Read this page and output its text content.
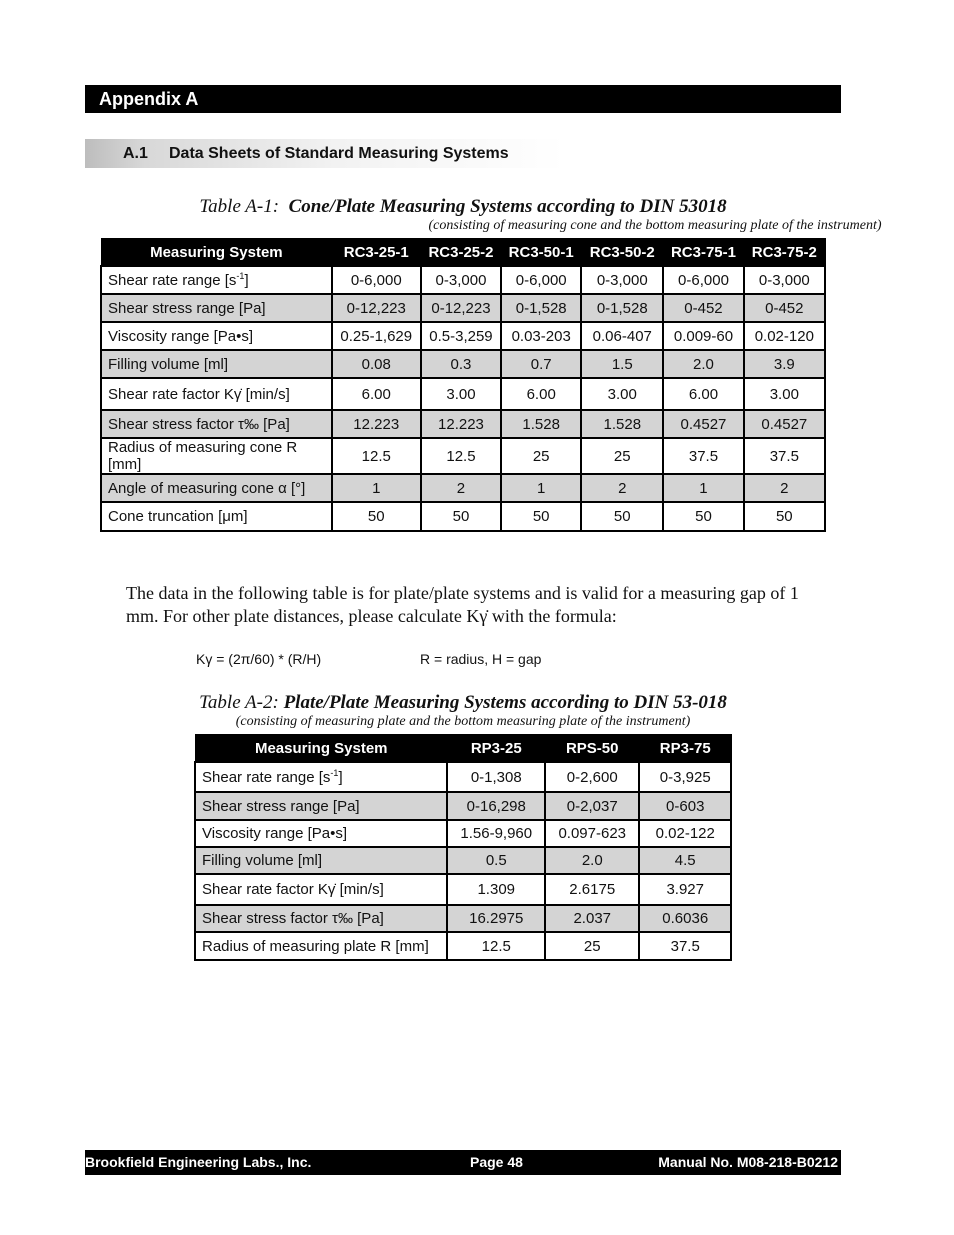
Appendix A
A.1 Data Sheets of Standard Measuring Systems
Table A-1: Cone/Plate Measuring Systems according to DIN 53018
(consisting of measuring cone and the bottom measuring plate of the instrument)
Measuring System	RC3-25-1	RC3-25-2	RC3-50-1	RC3-50-2	RC3-75-1	RC3-75-2
Shear rate range $[s^{-1}]$	0-6,000	0-3,000	0-6,000	0-3,000	0-6,000	0-3,000
Shear stress range [Pa]	0-12,223	0-12,223	0-1,528	0-1,528	0-452	0-452
Viscosity range [Pa•s]	0.25-1,629	0.5-3,259	0.03-203	0.06-407	0.009-60	0.02-120
Filling volume [ml]	0.08	0.3	0.7	1.5	2.0	3.9
Shear rate factor Kγ̇ [min/s]	6.00	3.00	6.00	3.00	6.00	3.00
Shear stress factor τ‰ [Pa]	12.223	12.223	1.528	1.528	0.4527	0.4527
Radius of measuring cone R [mm]	12.5	12.5	25	25	37.5	37.5
Angle of measuring cone α [°]	1	2	1	2	1	2
Cone truncation [μm]	50	50	50	50	50	50
The data in the following table is for plate/plate systems and is valid for a measuring gap of 1 mm. For other plate distances, please calculate Kγ̇ with the formula:
Kγ = (2π/60) * (R/H)	R = radius, H = gap
Table A-2: Plate/Plate Measuring Systems according to DIN 53-018
(consisting of measuring plate and the bottom measuring plate of the instrument)
Measuring System	RP3-25	RPS-50	RP3-75
Shear rate range $[s^{-1}]$	0-1,308	0-2,600	0-3,925
Shear stress range [Pa]	0-16,298	0-2,037	0-603
Viscosity range [Pa•s]	1.56-9,960	0.097-623	0.02-122
Filling volume [ml]	0.5	2.0	4.5
Shear rate factor Kγ̇ [min/s]	1.309	2.6175	3.927
Shear stress factor τ‰ [Pa]	16.2975	2.037	0.6036
Radius of measuring plate R [mm]	12.5	25	37.5
Brookfield Engineering Labs., Inc.	Page 48	Manual No. M08-218-B0212
